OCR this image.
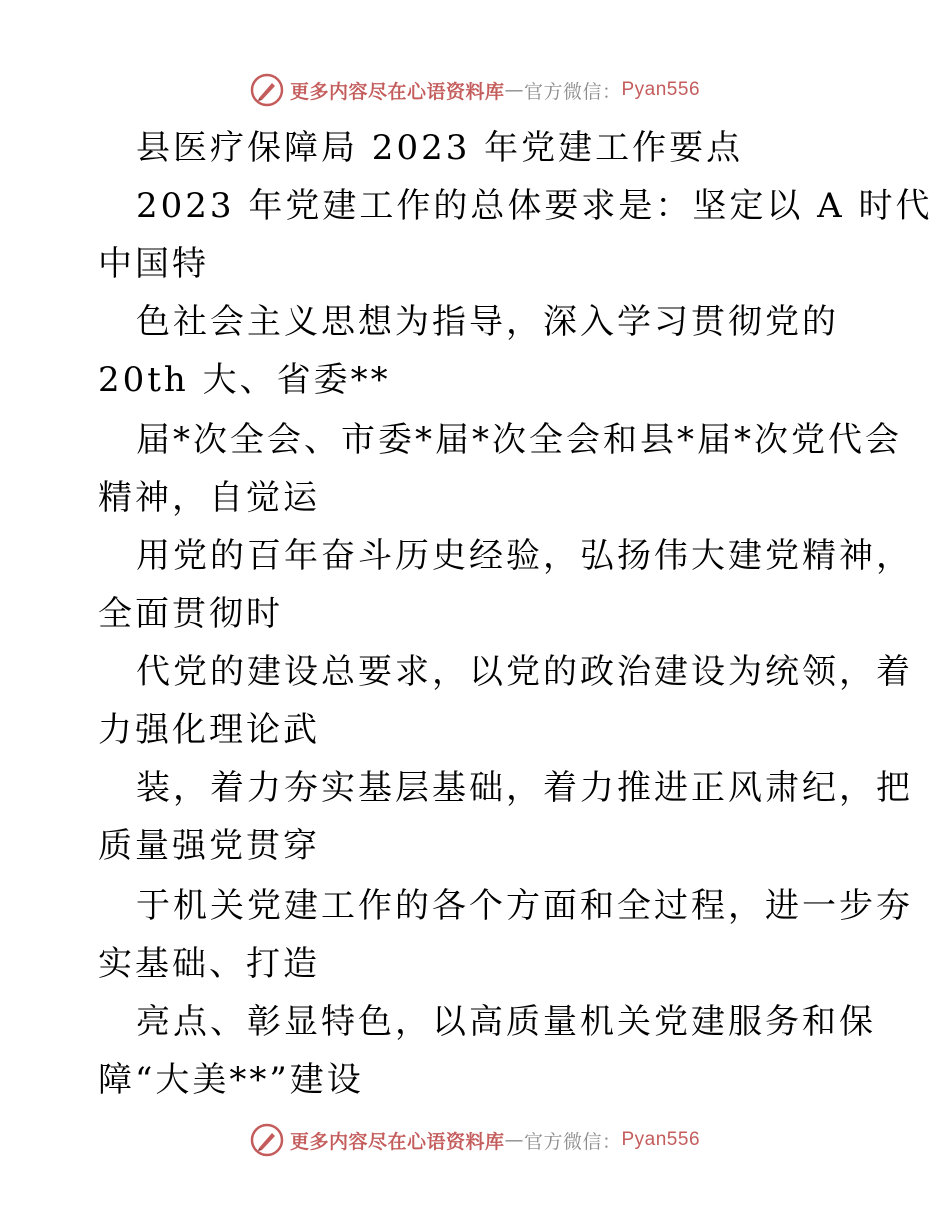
更多内容尽在心语资料库 — 官方微信： Pyan556
县医疗保障局 2023 年党建工作要点
2023 年党建工作的总体要求是：坚定以 A 时代
中国特
色社会主义思想为指导，深入学习贯彻党的
20th 大、省委**
届*次全会、市委*届*次全会和县*届*次党代会
精神，自觉运
用党的百年奋斗历史经验，弘扬伟大建党精神，
全面贯彻时
代党的建设总要求，以党的政治建设为统领，着
力强化理论武
装，着力夯实基层基础，着力推进正风肃纪，把
质量强党贯穿
于机关党建工作的各个方面和全过程，进一步夯
实基础、打造
亮点、彰显特色，以高质量机关党建服务和保
障“大美**”建设
更多内容尽在心语资料库 — 官方微信： Pyan556
